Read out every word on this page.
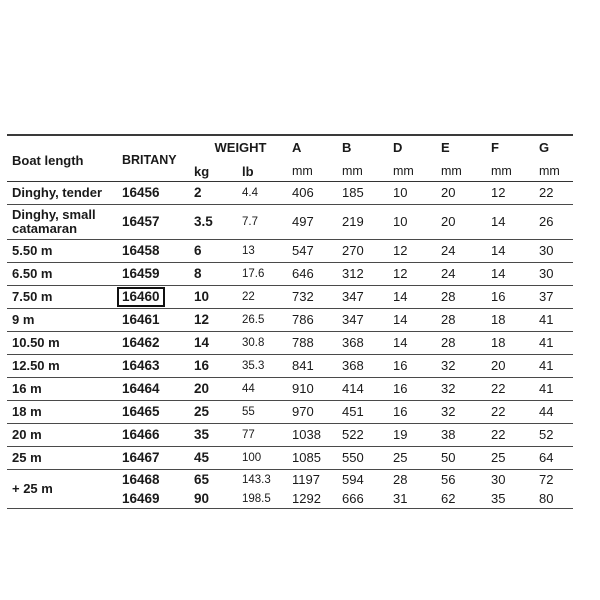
Boat length	BRITANY	WEIGHT		A	B	D	E	F	G
		kg	lb	mm	mm	mm	mm	mm	mm
Dinghy, tender	16456	2	4.4	406	185	10	20	12	22
Dinghy, small catamaran	16457	3.5	7.7	497	219	10	20	14	26
5.50 m	16458	6	13	547	270	12	24	14	30
6.50 m	16459	8	17.6	646	312	12	24	14	30
7.50 m	16460	10	22	732	347	14	28	16	37
9 m	16461	12	26.5	786	347	14	28	18	41
10.50 m	16462	14	30.8	788	368	14	28	18	41
12.50 m	16463	16	35.3	841	368	16	32	20	41
16 m	16464	20	44	910	414	16	32	22	41
18 m	16465	25	55	970	451	16	32	22	44
20 m	16466	35	77	1038	522	19	38	22	52
25 m	16467	45	100	1085	550	25	50	25	64
+ 25 m	16468	65	143.3	1197	594	28	56	30	72
	16469	90	198.5	1292	666	31	62	35	80
